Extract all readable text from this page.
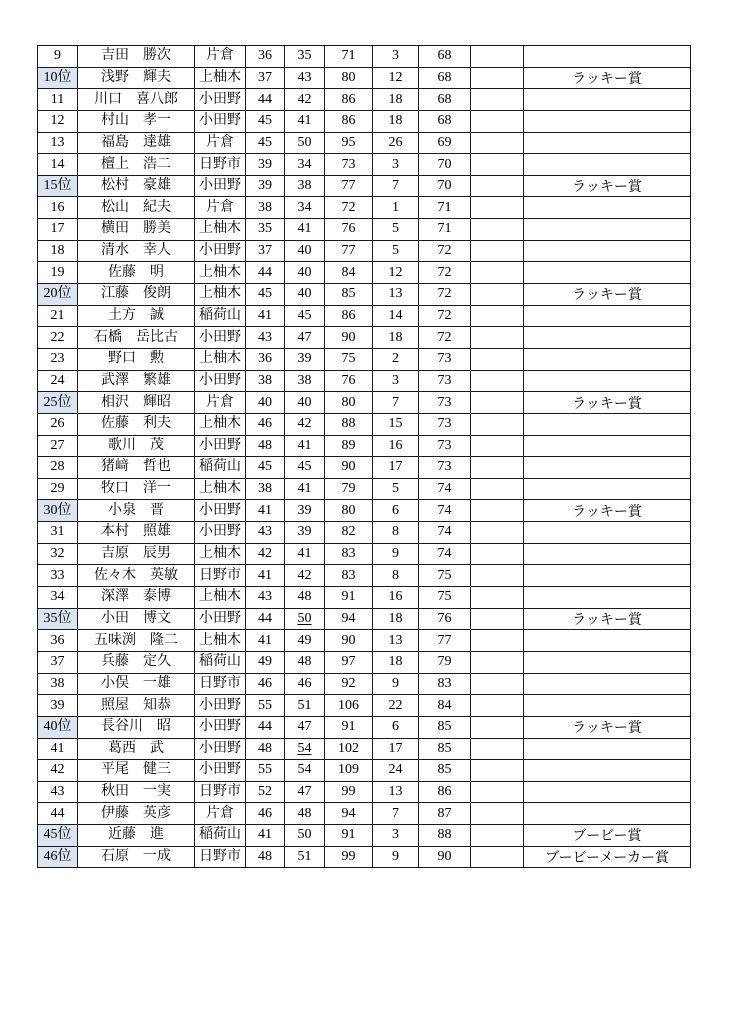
9	吉田　勝次	片倉	36	35	71	3	68		
10位	浅野　輝夫	上柚木	37	43	80	12	68		ラッキー賞
11	川口　喜八郎	小田野	44	42	86	18	68		
12	村山　孝一	小田野	45	41	86	18	68		
13	福島　達雄	片倉	45	50	95	26	69		
14	檀上　浩二	日野市	39	34	73	3	70		
15位	松村　豪雄	小田野	39	38	77	7	70		ラッキー賞
16	松山　紀夫	片倉	38	34	72	1	71		
17	横田　勝美	上柚木	35	41	76	5	71		
18	清水　幸人	小田野	37	40	77	5	72		
19	佐藤　明	上柚木	44	40	84	12	72		
20位	江藤　俊朗	上柚木	45	40	85	13	72		ラッキー賞
21	土方　誠	稲荷山	41	45	86	14	72		
22	石橋　岳比古	小田野	43	47	90	18	72		
23	野口　勲	上柚木	36	39	75	2	73		
24	武澤　繁雄	小田野	38	38	76	3	73		
25位	相沢　輝昭	片倉	40	40	80	7	73		ラッキー賞
26	佐藤　利夫	上柚木	46	42	88	15	73		
27	歌川　茂	小田野	48	41	89	16	73		
28	猪﨑　哲也	稲荷山	45	45	90	17	73		
29	牧口　洋一	上柚木	38	41	79	5	74		
30位	小泉　晋	小田野	41	39	80	6	74		ラッキー賞
31	本村　照雄	小田野	43	39	82	8	74		
32	吉原　辰男	上柚木	42	41	83	9	74		
33	佐々木　英敏	日野市	41	42	83	8	75		
34	深澤　泰博	上柚木	43	48	91	16	75		
35位	小田　博文	小田野	44	50	94	18	76		ラッキー賞
36	五味渕　隆二	上柚木	41	49	90	13	77		
37	兵藤　定久	稲荷山	49	48	97	18	79		
38	小俣　一雄	日野市	46	46	92	9	83		
39	照屋　知恭	小田野	55	51	106	22	84		
40位	長谷川　昭	小田野	44	47	91	6	85		ラッキー賞
41	葛西　武	小田野	48	54	102	17	85		
42	平尾　健三	小田野	55	54	109	24	85		
43	秋田　一実	日野市	52	47	99	13	86		
44	伊藤　英彦	片倉	46	48	94	7	87		
45位	近藤　進	稲荷山	41	50	91	3	88		ブービー賞
46位	石原　一成	日野市	48	51	99	9	90		ブービーメーカー賞
